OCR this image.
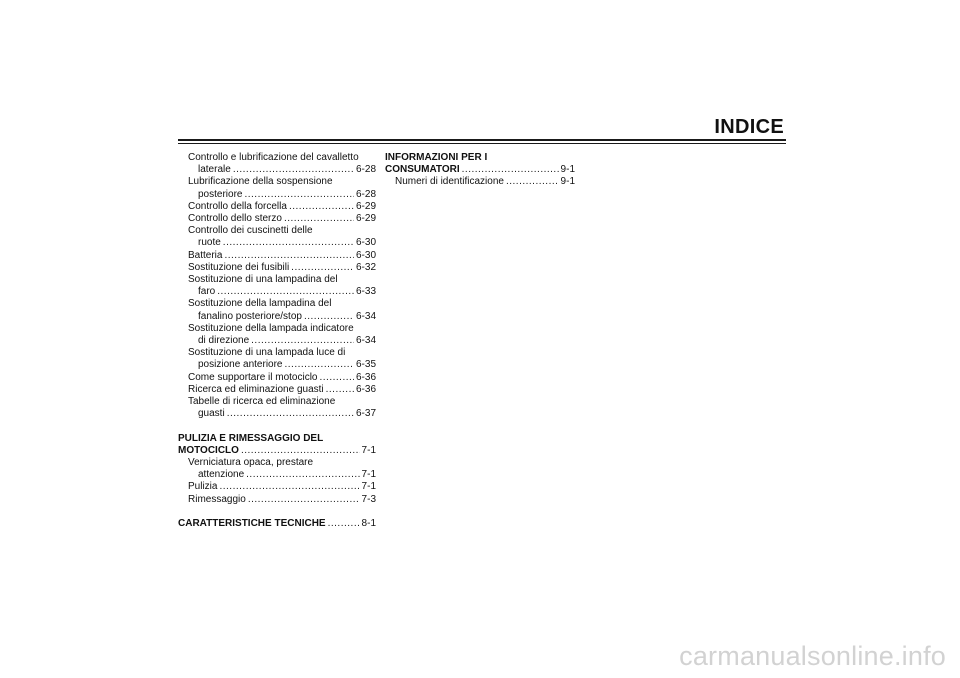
INDICE
Controllo e lubrificazione del cavalletto
laterale .....	6-28
Lubrificazione della sospensione
posteriore .....	6-28
Controllo della forcella .....	6-29
Controllo dello sterzo .....	6-29
Controllo dei cuscinetti delle
ruote .....	6-30
Batteria .....	6-30
Sostituzione dei fusibili .....	6-32
Sostituzione di una lampadina del
faro .....	6-33
Sostituzione della lampadina del
fanalino posteriore/stop .....	6-34
Sostituzione della lampada indicatore
di direzione .....	6-34
Sostituzione di una lampada luce di
posizione anteriore .....	6-35
Come supportare il motociclo .....	6-36
Ricerca ed eliminazione guasti .....	6-36
Tabelle di ricerca ed eliminazione
guasti .....	6-37
PULIZIA E RIMESSAGGIO DEL
MOTOCICLO .....	7-1
Verniciatura opaca, prestare
attenzione .....	7-1
Pulizia .....	7-1
Rimessaggio .....	7-3
CARATTERISTICHE TECNICHE .....	8-1
INFORMAZIONI PER I
CONSUMATORI .....	9-1
Numeri di identificazione .....	9-1
carmanualsonline.info
